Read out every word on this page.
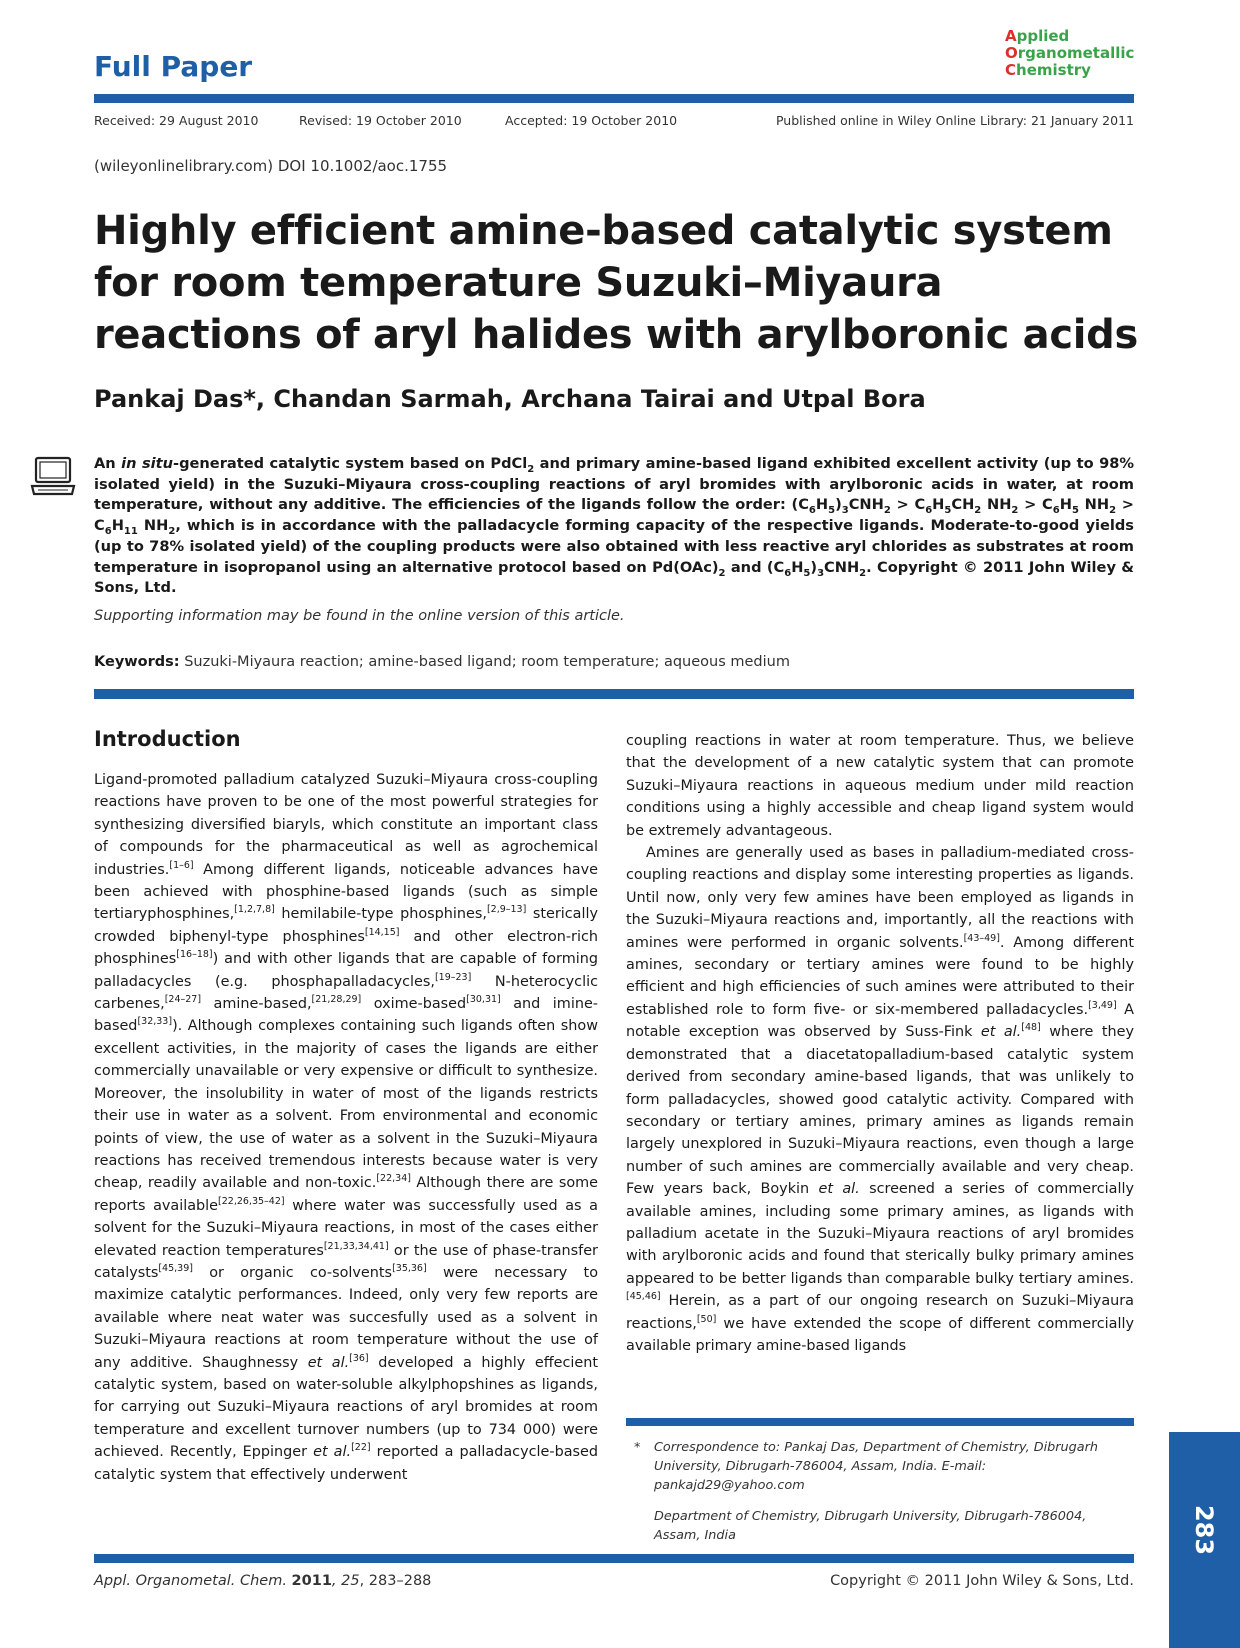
Full Paper
Applied
Organometallic
Chemistry
Received: 29 August 2010	Revised: 19 October 2010	Accepted: 19 October 2010	Published online in Wiley Online Library: 21 January 2011
(wileyonlinelibrary.com) DOI 10.1002/aoc.1755
Highly efficient amine-based catalytic system for room temperature Suzuki–Miyaura reactions of aryl halides with arylboronic acids
Pankaj Das*, Chandan Sarmah, Archana Tairai and Utpal Bora
An in situ-generated catalytic system based on PdCl$_2$ and primary amine-based ligand exhibited excellent activity (up to 98% isolated yield) in the Suzuki–Miyaura cross-coupling reactions of aryl bromides with arylboronic acids in water, at room temperature, without any additive. The efficiencies of the ligands follow the order: $(C_6H_5)_3CNH_2 > C_6H_5CH_2$ $NH_2 > C_6H_5$ $NH_2 > C_6H_{11}$ $NH_2$, which is in accordance with the palladacycle forming capacity of the respective ligands. Moderate-to-good yields (up to 78% isolated yield) of the coupling products were also obtained with less reactive aryl chlorides as substrates at room temperature in isopropanol using an alternative protocol based on $Pd(OAc)_2$ and $(C_6H_5)_3CNH_2$. Copyright © 2011 John Wiley & Sons, Ltd.
Supporting information may be found in the online version of this article.
Keywords: Suzuki-Miyaura reaction; amine-based ligand; room temperature; aqueous medium
Introduction

Ligand-promoted palladium catalyzed Suzuki–Miyaura cross-coupling reactions have proven to be one of the most powerful strategies for synthesizing diversified biaryls, which constitute an important class of compounds for the pharmaceutical as well as agrochemical industries.[1–6] Among different ligands, noticeable advances have been achieved with phosphine-based ligands (such as simple tertiaryphosphines,[1,2,7,8] hemilabile-type phosphines,[2,9–13] sterically crowded biphenyl-type phosphines[14,15] and other electron-rich phosphines[16–18]) and with other ligands that are capable of forming palladacycles (e.g. phosphapalladacycles,[19–23] N-heterocyclic carbenes,[24–27] amine-based,[21,28,29] oxime-based[30,31] and imine-based[32,33]). Although complexes containing such ligands often show excellent activities, in the majority of cases the ligands are either commercially unavailable or very expensive or difficult to synthesize. Moreover, the insolubility in water of most of the ligands restricts their use in water as a solvent. From environmental and economic points of view, the use of water as a solvent in the Suzuki–Miyaura reactions has received tremendous interests because water is very cheap, readily available and non-toxic.[22,34] Although there are some reports available[22,26,35–42] where water was successfully used as a solvent for the Suzuki–Miyaura reactions, in most of the cases either elevated reaction temperatures[21,33,34,41] or the use of phase-transfer catalysts[45,39] or organic co-solvents[35,36] were necessary to maximize catalytic performances. Indeed, only very few reports are available where neat water was succesfully used as a solvent in Suzuki–Miyaura reactions at room temperature without the use of any additive. Shaughnessy et al.[36] developed a highly effecient catalytic system, based on water-soluble alkylphopshines as ligands, for carrying out Suzuki–Miyaura reactions of aryl bromides at room temperature and excellent turnover numbers (up to 734 000) were achieved. Recently, Eppinger et al.[22] reported a palladacycle-based catalytic system that effectively underwent

coupling reactions in water at room temperature. Thus, we believe that the development of a new catalytic system that can promote Suzuki–Miyaura reactions in aqueous medium under mild reaction conditions using a highly accessible and cheap ligand system would be extremely advantageous.

Amines are generally used as bases in palladium-mediated cross-coupling reactions and display some interesting properties as ligands. Until now, only very few amines have been employed as ligands in the Suzuki–Miyaura reactions and, importantly, all the reactions with amines were performed in organic solvents.[43–49]. Among different amines, secondary or tertiary amines were found to be highly efficient and high efficiencies of such amines were attributed to their established role to form five- or six-membered palladacycles.[3,49] A notable exception was observed by Suss-Fink et al.[48] where they demonstrated that a diacetatopalladium-based catalytic system derived from secondary amine-based ligands, that was unlikely to form palladacycles, showed good catalytic activity. Compared with secondary or tertiary amines, primary amines as ligands remain largely unexplored in Suzuki–Miyaura reactions, even though a large number of such amines are commercially available and very cheap. Few years back, Boykin et al. screened a series of commercially available amines, including some primary amines, as ligands with palladium acetate in the Suzuki–Miyaura reactions of aryl bromides with arylboronic acids and found that sterically bulky primary amines appeared to be better ligands than comparable bulky tertiary amines.[45,46] Herein, as a part of our ongoing research on Suzuki–Miyaura reactions,[50] we have extended the scope of different commercially available primary amine-based ligands

* Correspondence to: Pankaj Das, Department of Chemistry, Dibrugarh University, Dibrugarh-786004, Assam, India. E-mail: pankajd29@yahoo.com

Department of Chemistry, Dibrugarh University, Dibrugarh-786004, Assam, India

Appl. Organometal. Chem. 2011, 25, 283–288	Copyright © 2011 John Wiley & Sons, Ltd.
283
